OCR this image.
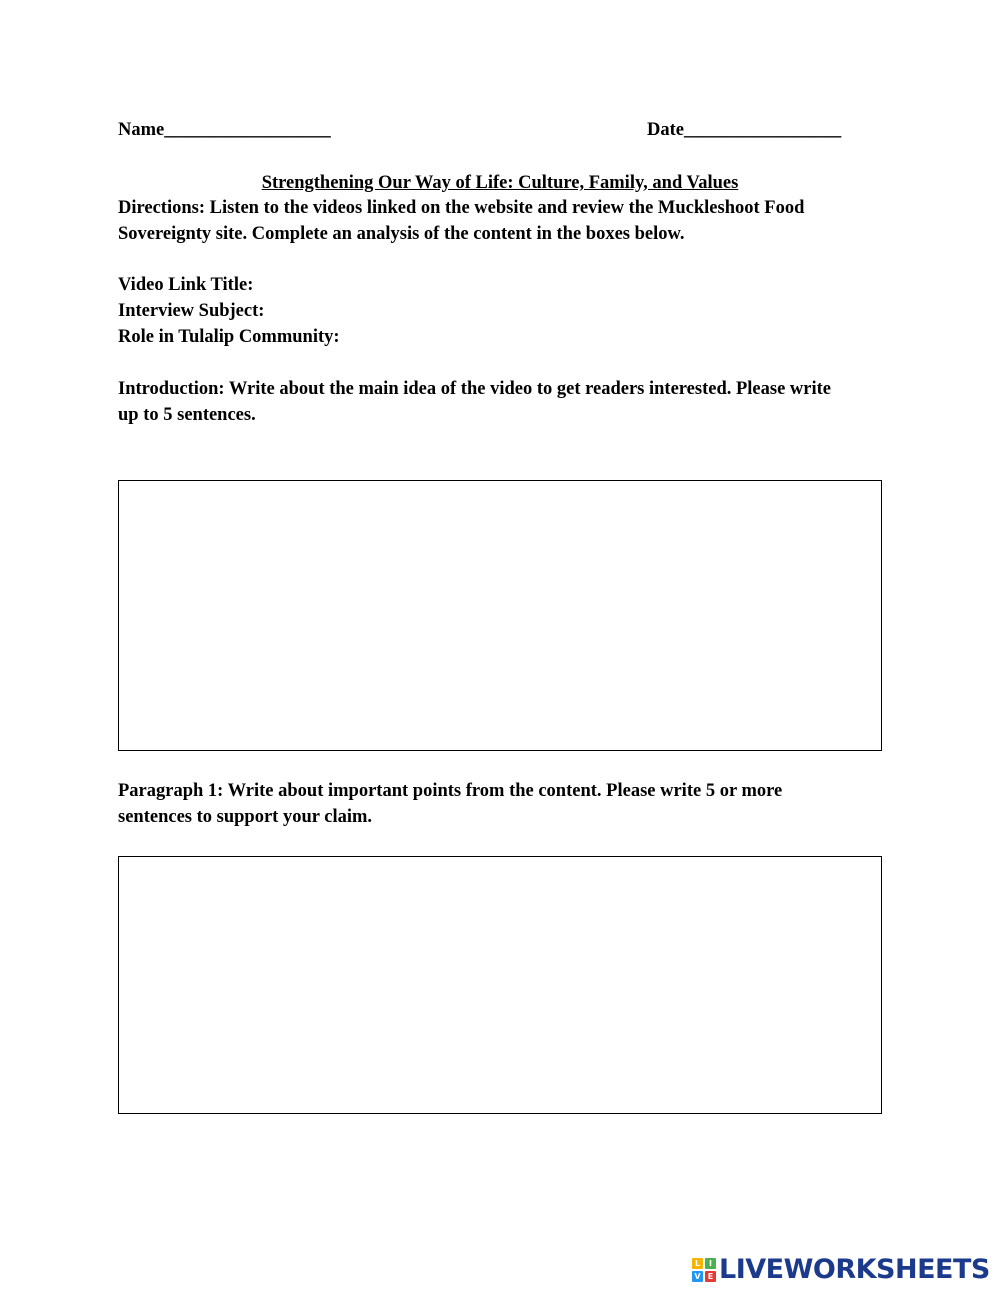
Name__________________	Date_________________
Strengthening Our Way of Life: Culture, Family, and Values
Directions: Listen to the videos linked on the website and review the Muckleshoot Food
Sovereignty site. Complete an analysis of the content in the boxes below.
Video Link Title:
Interview Subject:
Role in Tulalip Community:
Introduction: Write about the main idea of the video to get readers interested. Please write
up to 5 sentences.
Paragraph 1: Write about important points from the content. Please write 5 or more
sentences to support your claim.
L	I
V E LIVEWORKSHEETS
